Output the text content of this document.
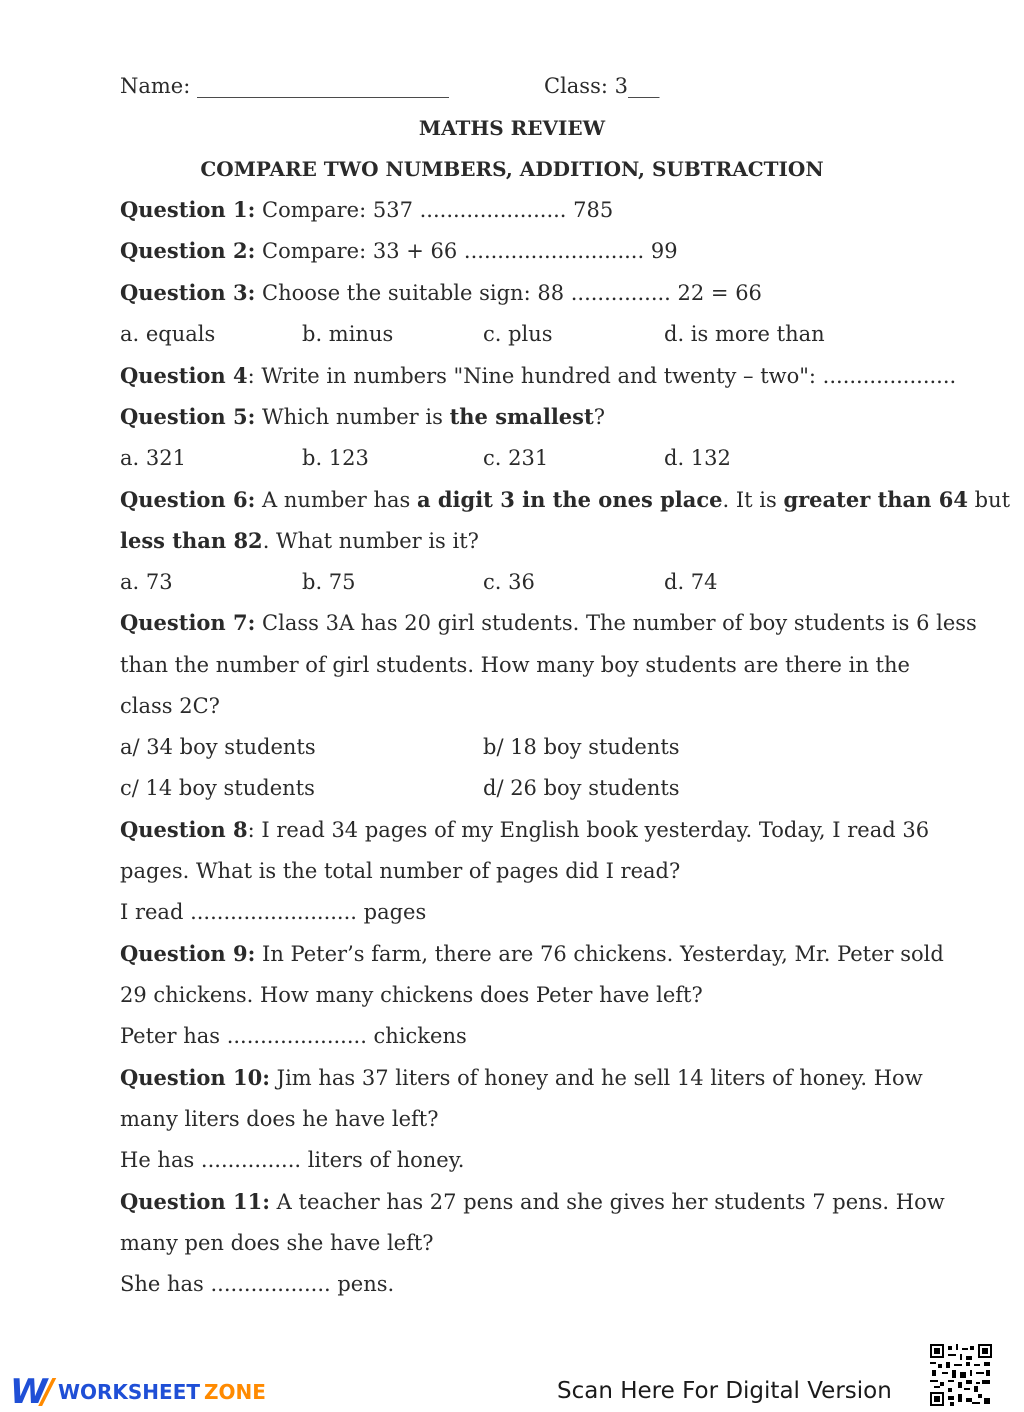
Name: ________________________	Class: 3___
MATHS REVIEW
COMPARE TWO NUMBERS, ADDITION, SUBTRACTION
Question 1: Compare: 537 ...................... 785
Question 2: Compare: 33 + 66 ........................... 99
Question 3: Choose the suitable sign: 88 ............... 22 = 66
a. equals	b. minus	c. plus	d. is more than
Question 4: Write in numbers "Nine hundred and twenty – two": ....................
Question 5: Which number is the smallest?
a. 321	b. 123	c. 231	d. 132
Question 6: A number has a digit 3 in the ones place. It is greater than 64 but
less than 82. What number is it?
a. 73	b. 75	c. 36	d. 74
Question 7: Class 3A has 20 girl students. The number of boy students is 6 less
than the number of girl students. How many boy students are there in the
class 2C?
a/ 34 boy students	b/ 18 boy students
c/ 14 boy students	d/ 26 boy students
Question 8: I read 34 pages of my English book yesterday. Today, I read 36
pages. What is the total number of pages did I read?
I read ......................... pages
Question 9: In Peter’s farm, there are 76 chickens. Yesterday, Mr. Peter sold
29 chickens. How many chickens does Peter have left?
Peter has ..................... chickens
Question 10: Jim has 37 liters of honey and he sell 14 liters of honey. How
many liters does he have left?
He has ............... liters of honey.
Question 11: A teacher has 27 pens and she gives her students 7 pens. How
many pen does she have left?
She has .................. pens.
W/ WORKSHEET ZONE	Scan Here For Digital Version
